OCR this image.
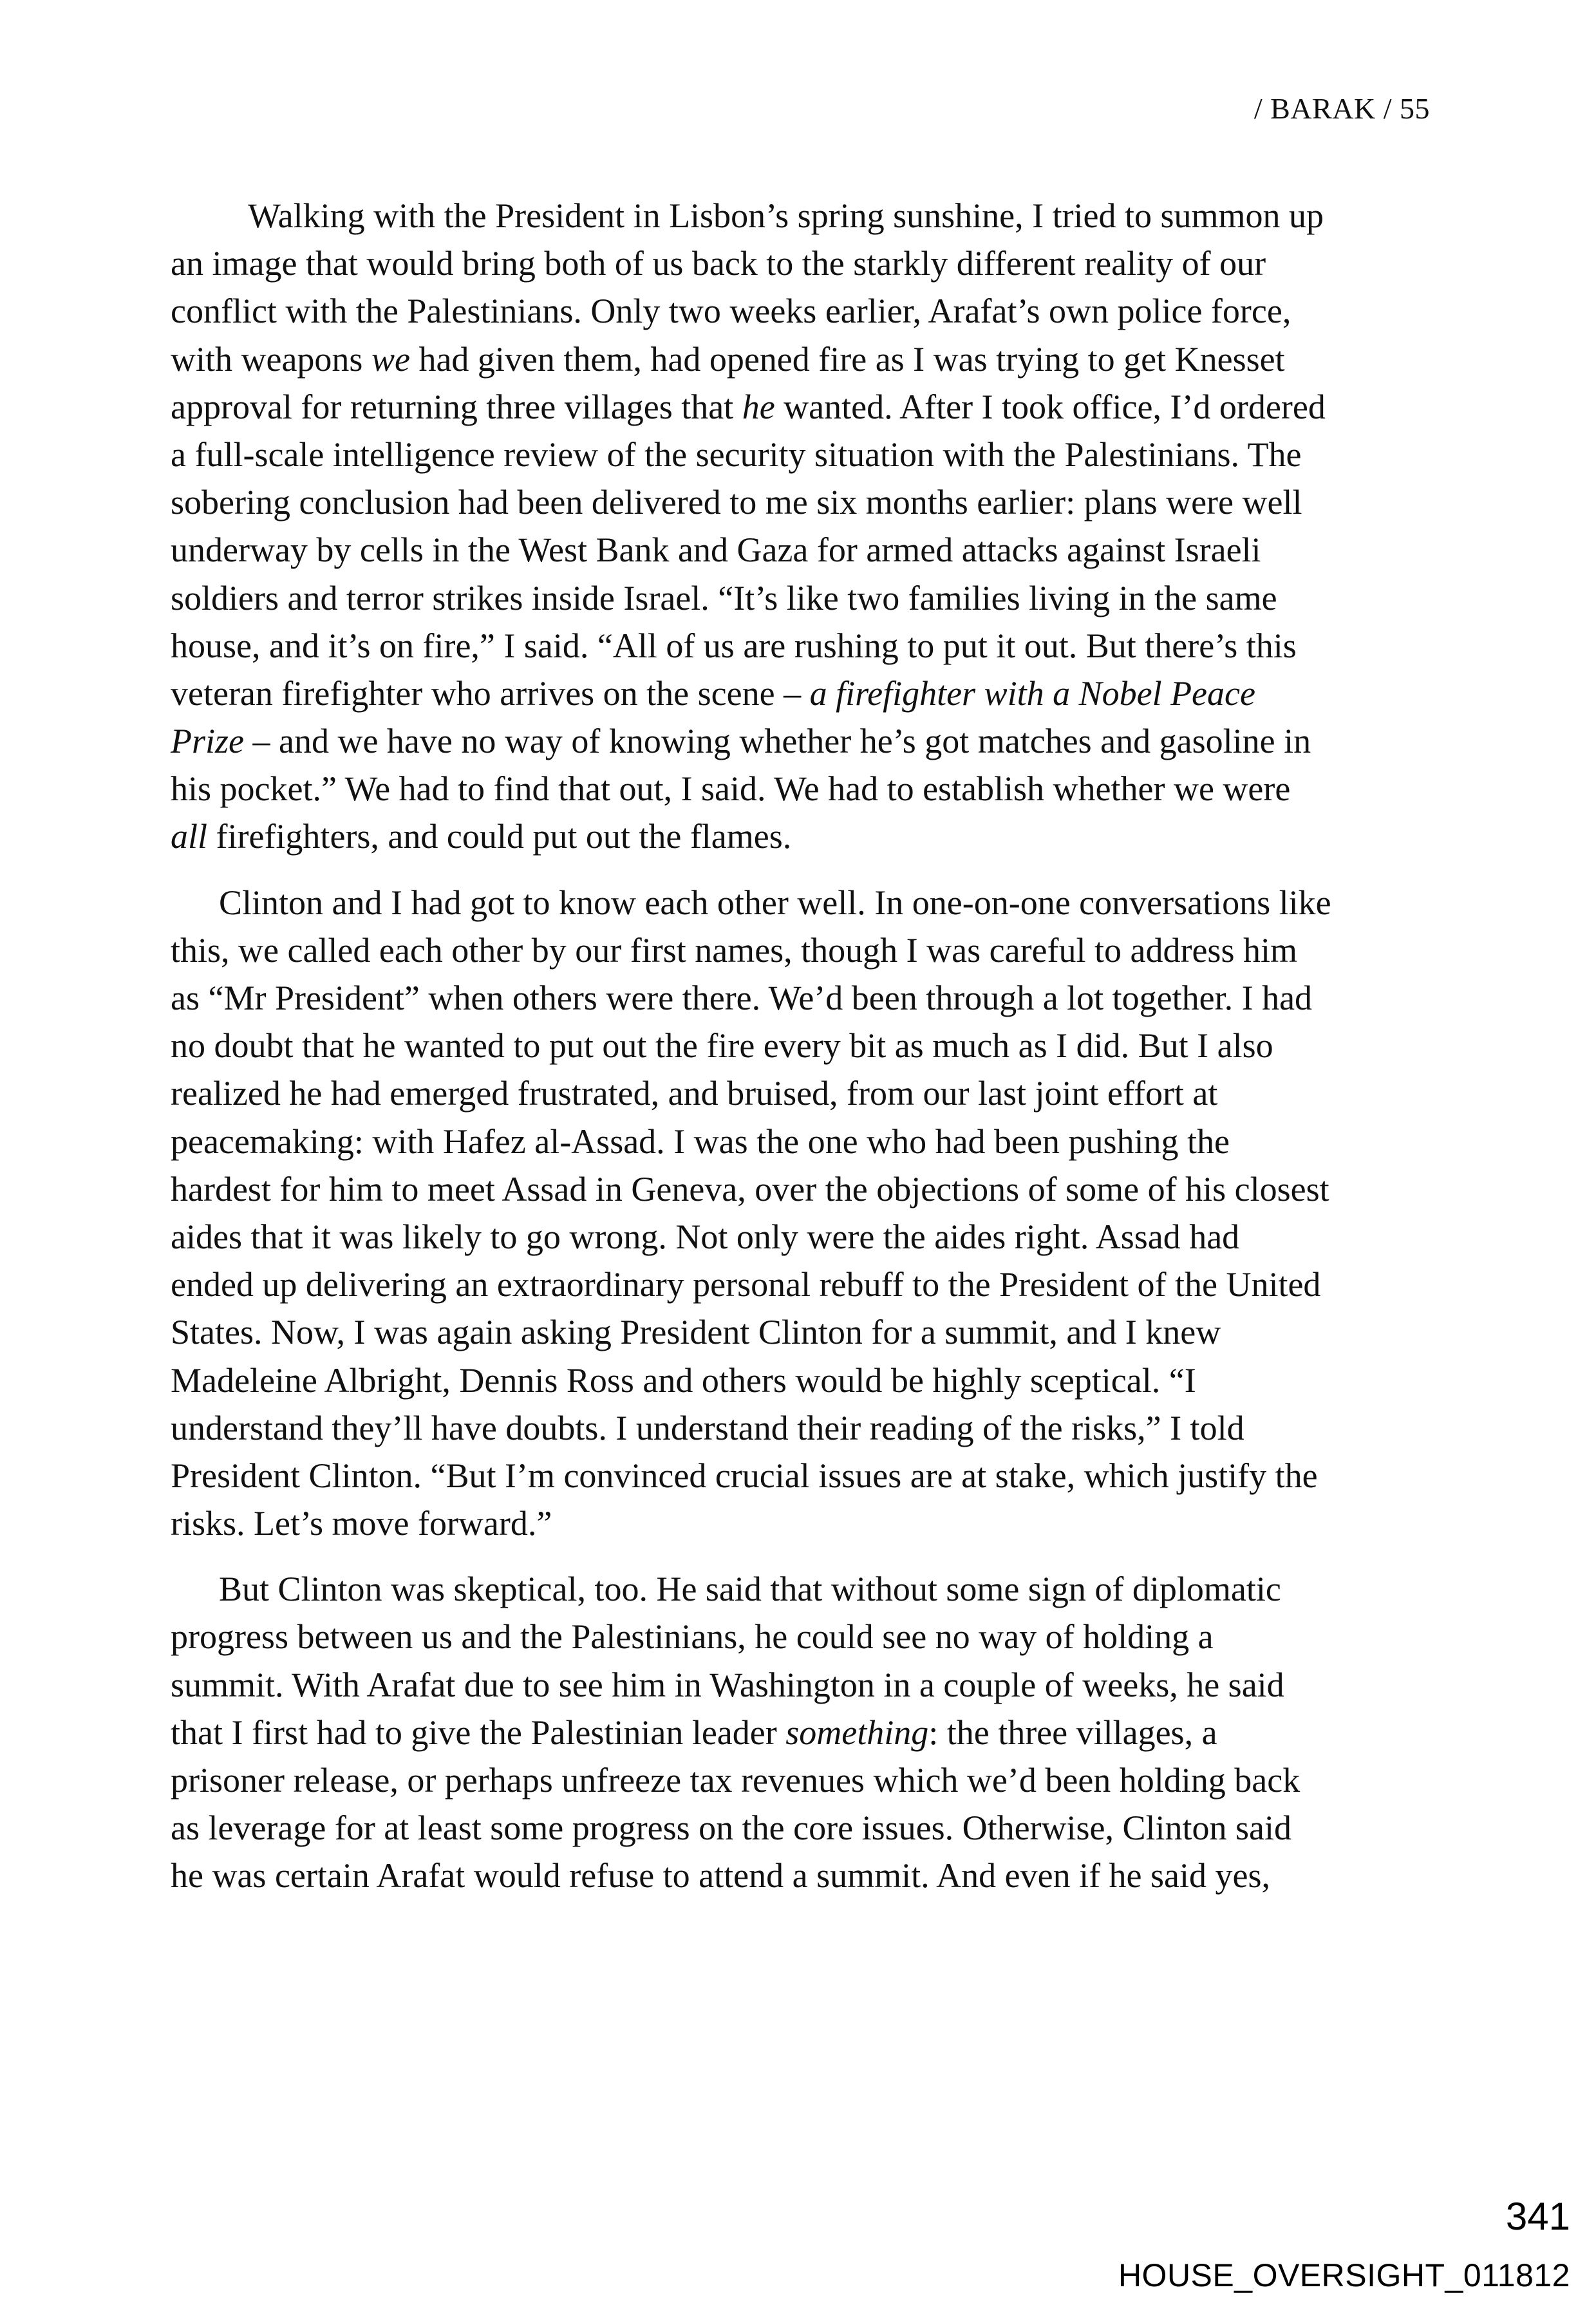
/ BARAK / 55
Walking with the President in Lisbon’s spring sunshine, I tried to summon up
an image that would bring both of us back to the starkly different reality of our
conflict with the Palestinians. Only two weeks earlier, Arafat’s own police force,
with weapons we had given them, had opened fire as I was trying to get Knesset
approval for returning three villages that he wanted. After I took office, I’d ordered
a full-scale intelligence review of the security situation with the Palestinians. The
sobering conclusion had been delivered to me six months earlier: plans were well
underway by cells in the West Bank and Gaza for armed attacks against Israeli
soldiers and terror strikes inside Israel. “It’s like two families living in the same
house, and it’s on fire,” I said. “All of us are rushing to put it out. But there’s this
veteran firefighter who arrives on the scene – a firefighter with a Nobel Peace
Prize – and we have no way of knowing whether he’s got matches and gasoline in
his pocket.” We had to find that out, I said. We had to establish whether we were
all firefighters, and could put out the flames.
Clinton and I had got to know each other well. In one-on-one conversations like
this, we called each other by our first names, though I was careful to address him
as “Mr President” when others were there. We’d been through a lot together. I had
no doubt that he wanted to put out the fire every bit as much as I did. But I also
realized he had emerged frustrated, and bruised, from our last joint effort at
peacemaking: with Hafez al-Assad. I was the one who had been pushing the
hardest for him to meet Assad in Geneva, over the objections of some of his closest
aides that it was likely to go wrong. Not only were the aides right. Assad had
ended up delivering an extraordinary personal rebuff to the President of the United
States. Now, I was again asking President Clinton for a summit, and I knew
Madeleine Albright, Dennis Ross and others would be highly sceptical. “I
understand they’ll have doubts. I understand their reading of the risks,” I told
President Clinton. “But I’m convinced crucial issues are at stake, which justify the
risks. Let’s move forward.”
But Clinton was skeptical, too. He said that without some sign of diplomatic
progress between us and the Palestinians, he could see no way of holding a
summit. With Arafat due to see him in Washington in a couple of weeks, he said
that I first had to give the Palestinian leader something: the three villages, a
prisoner release, or perhaps unfreeze tax revenues which we’d been holding back
as leverage for at least some progress on the core issues. Otherwise, Clinton said
he was certain Arafat would refuse to attend a summit. And even if he said yes,
341
HOUSE_OVERSIGHT_011812
